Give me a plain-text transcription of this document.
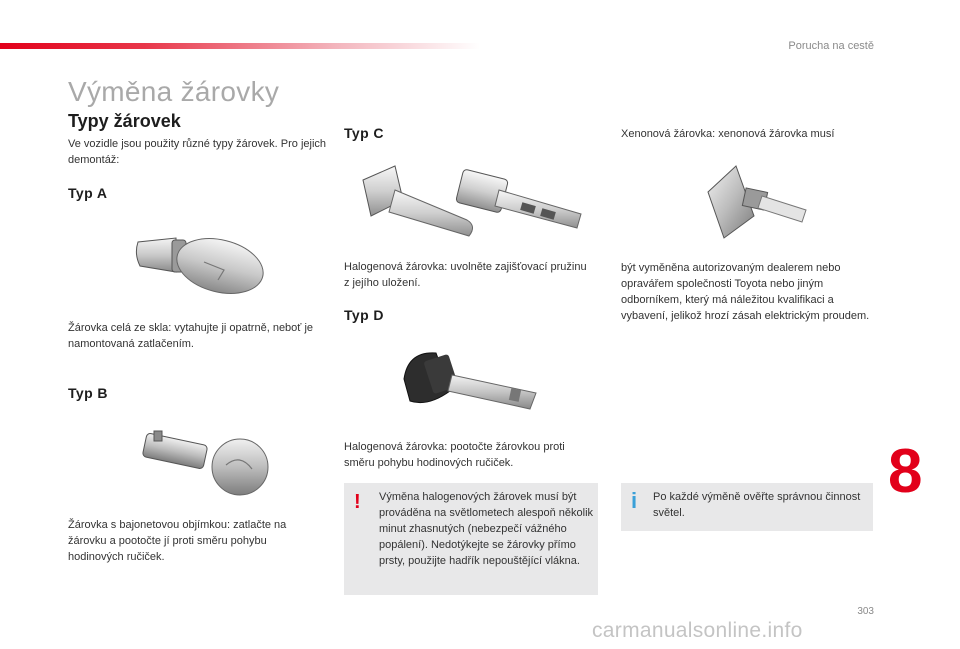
Porucha na cestě
Výměna žárovky
Typy žárovek

Ve vozidle jsou použity různé typy žárovek. Pro jejich demontáž:

Typ A

Žárovka celá ze skla: vytahujte ji opatrně, neboť je namontovaná zatlačením.

Typ B

Žárovka s bajonetovou objímkou: zatlačte na žárovku a pootočte jí proti směru pohybu hodinových ručiček.

Typ C

Halogenová žárovka: uvolněte zajišťovací pružinu z jejího uložení.

Typ D

Halogenová žárovka: pootočte žárovkou proti směru pohybu hodinových ručiček.

Xenonová žárovka: xenonová žárovka musí

být vyměněna autorizovaným dealerem nebo opravářem společnosti Toyota nebo jiným odborníkem, který má náležitou kvalifikaci a vybavení, jelikož hrozí zásah elektrickým proudem.

! Výměna halogenových žárovek musí být prováděna na světlometech alespoň několik minut zhasnutých (nebezpečí vážného popálení). Nedotýkejte se žárovky přímo prsty, použijte hadřík nepouštějící vlákna.

i Po každé výměně ověřte správnou činnost světel.

8
303
carmanualsonline.info
